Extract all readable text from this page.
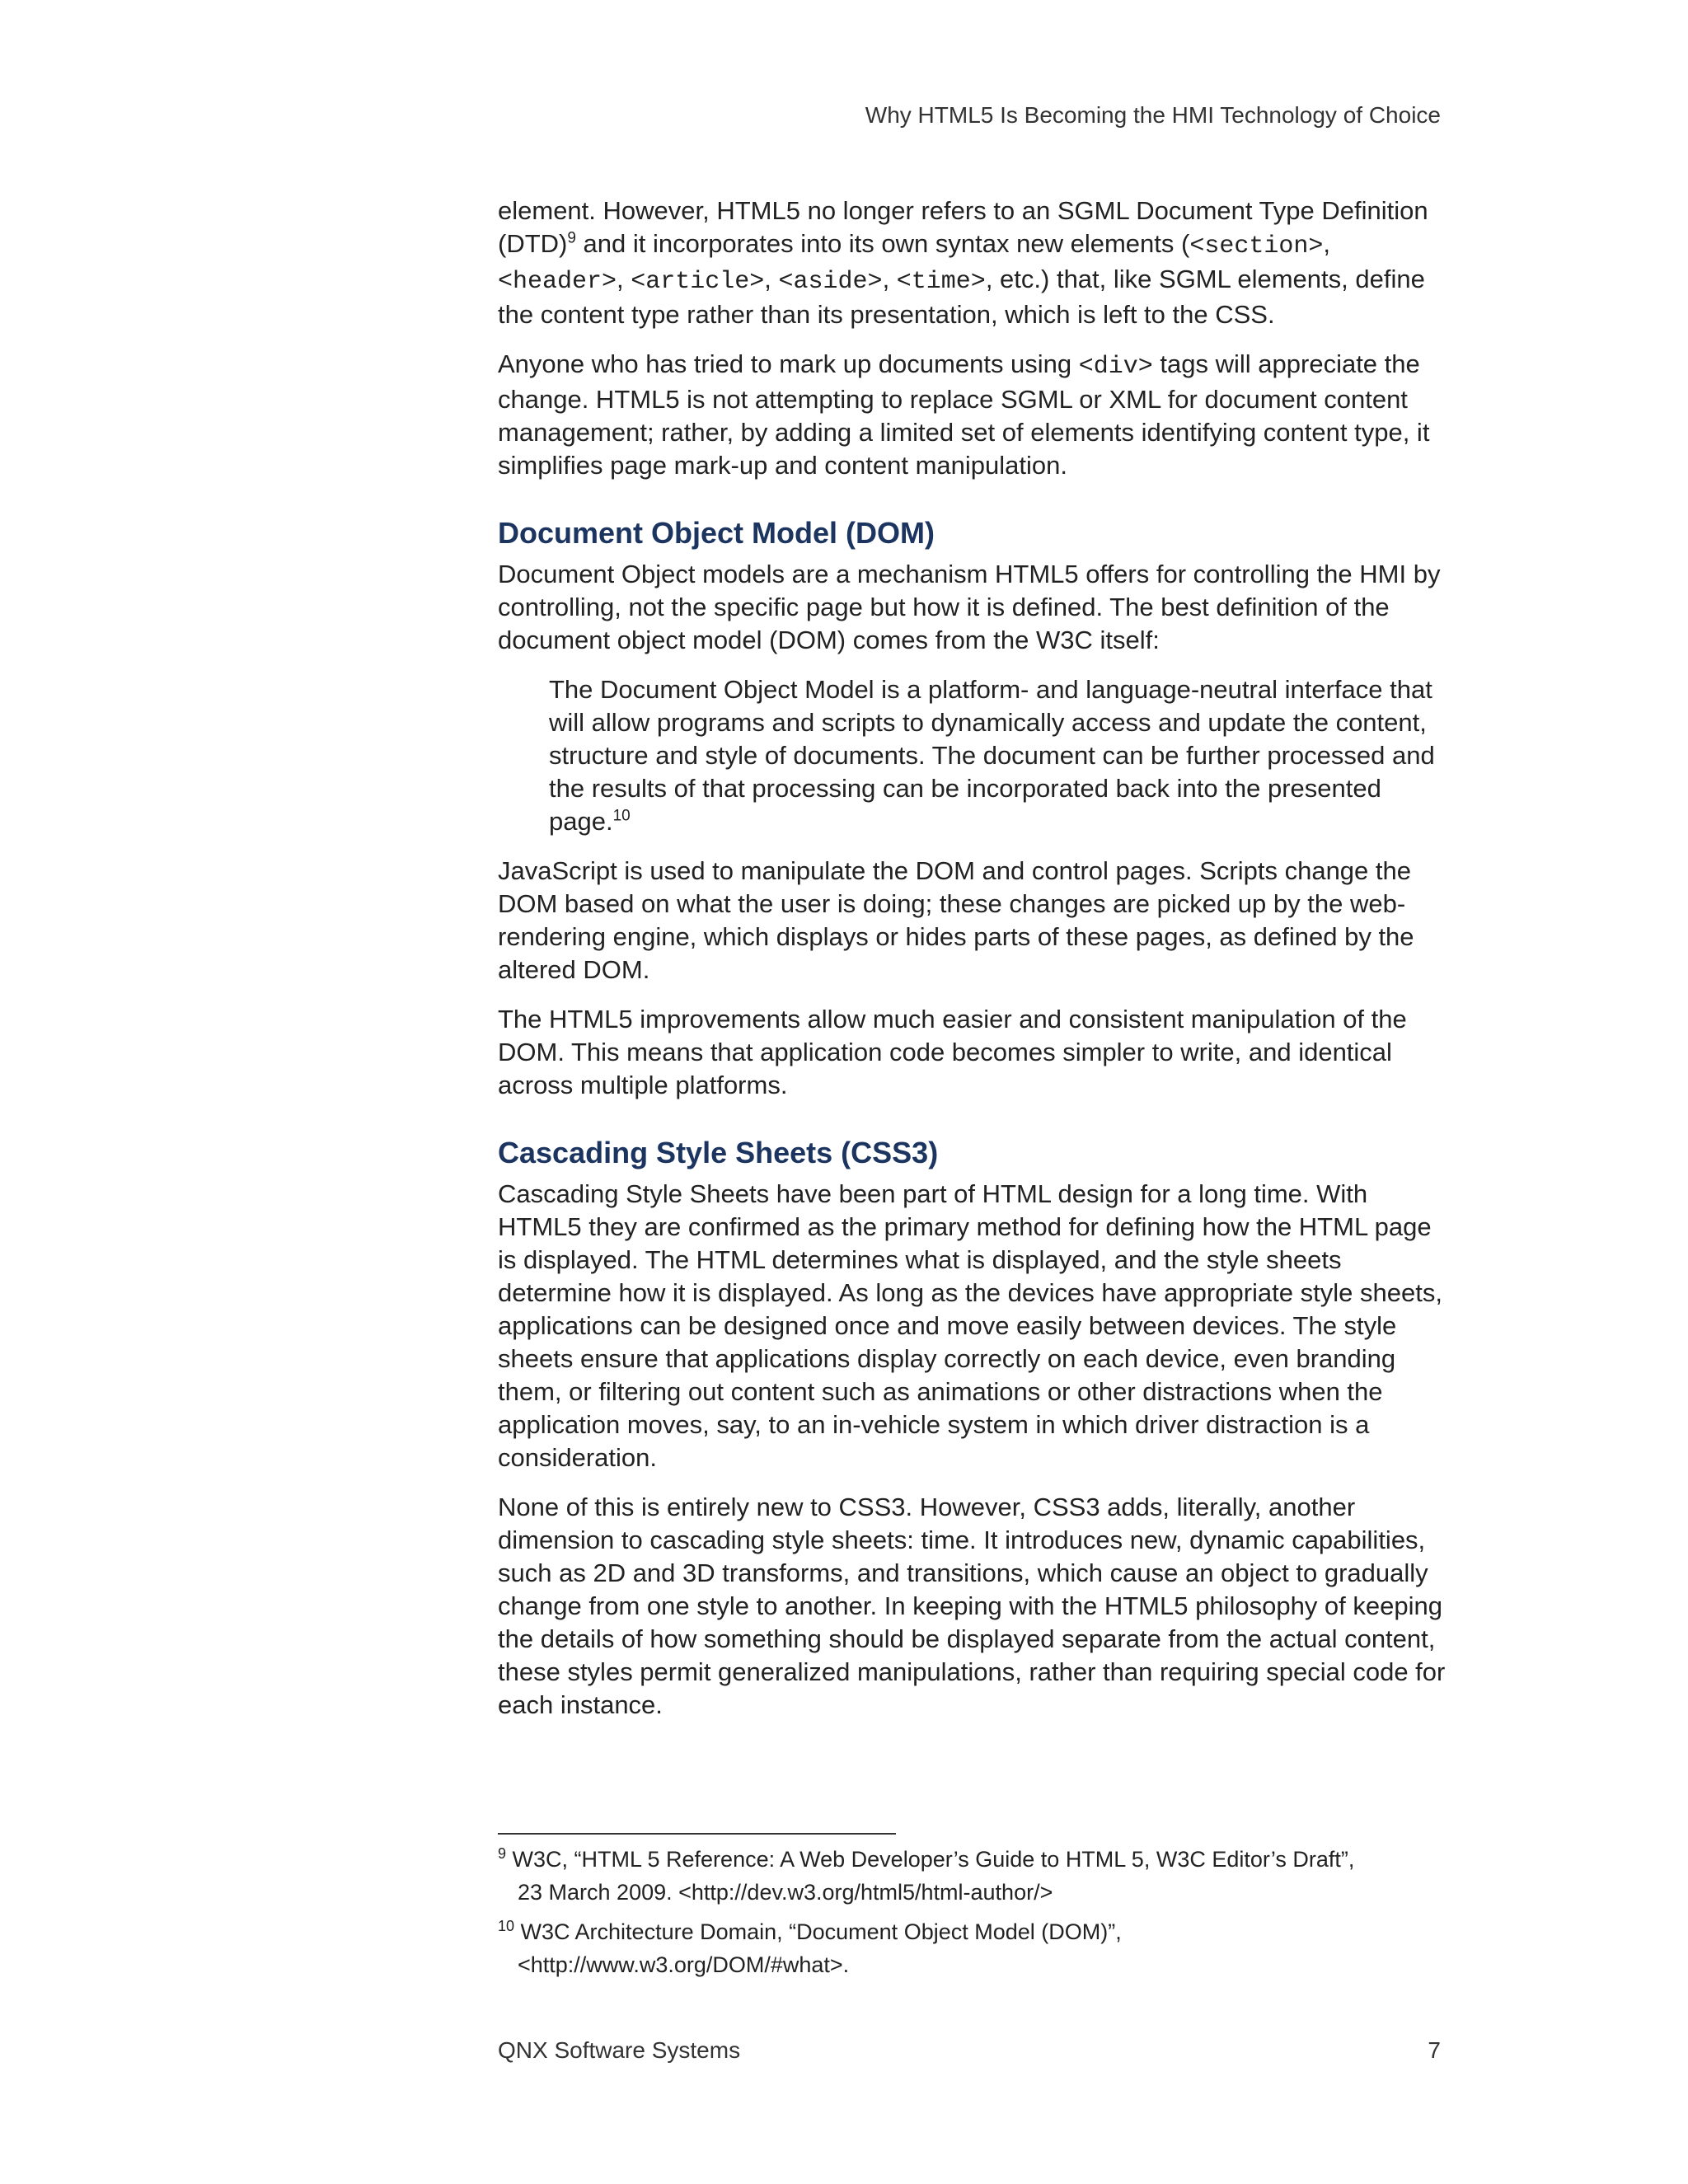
Why HTML5 Is Becoming the HMI Technology of Choice

element. However, HTML5 no longer refers to an SGML Document Type Definition (DTD)$^9$ and it incorporates into its own syntax new elements (<section>, <header>, <article>, <aside>, <time>, etc.) that, like SGML elements, define the content type rather than its presentation, which is left to the CSS.

Anyone who has tried to mark up documents using <div> tags will appreciate the change. HTML5 is not attempting to replace SGML or XML for document content management; rather, by adding a limited set of elements identifying content type, it simplifies page mark-up and content manipulation.

Document Object Model (DOM)

Document Object models are a mechanism HTML5 offers for controlling the HMI by controlling, not the specific page but how it is defined. The best definition of the document object model (DOM) comes from the W3C itself:

The Document Object Model is a platform- and language-neutral interface that will allow programs and scripts to dynamically access and update the content, structure and style of documents. The document can be further processed and the results of that processing can be incorporated back into the presented page.$^{10}$

JavaScript is used to manipulate the DOM and control pages. Scripts change the DOM based on what the user is doing; these changes are picked up by the web-rendering engine, which displays or hides parts of these pages, as defined by the altered DOM.

The HTML5 improvements allow much easier and consistent manipulation of the DOM. This means that application code becomes simpler to write, and identical across multiple platforms.

Cascading Style Sheets (CSS3)

Cascading Style Sheets have been part of HTML design for a long time. With HTML5 they are confirmed as the primary method for defining how the HTML page is displayed. The HTML determines what is displayed, and the style sheets determine how it is displayed. As long as the devices have appropriate style sheets, applications can be designed once and move easily between devices. The style sheets ensure that applications display correctly on each device, even branding them, or filtering out content such as animations or other distractions when the application moves, say, to an in-vehicle system in which driver distraction is a consideration.

None of this is entirely new to CSS3. However, CSS3 adds, literally, another dimension to cascading style sheets: time. It introduces new, dynamic capabilities, such as 2D and 3D transforms, and transitions, which cause an object to gradually change from one style to another. In keeping with the HTML5 philosophy of keeping the details of how something should be displayed separate from the actual content, these styles permit generalized manipulations, rather than requiring special code for each instance.

$^9$ W3C, “HTML 5 Reference: A Web Developer’s Guide to HTML 5, W3C Editor’s Draft”,
23 March 2009. <http://dev.w3.org/html5/html-author/>
$^{10}$ W3C Architecture Domain, “Document Object Model (DOM)”,
<http://www.w3.org/DOM/#what>.
QNX Software Systems	7
